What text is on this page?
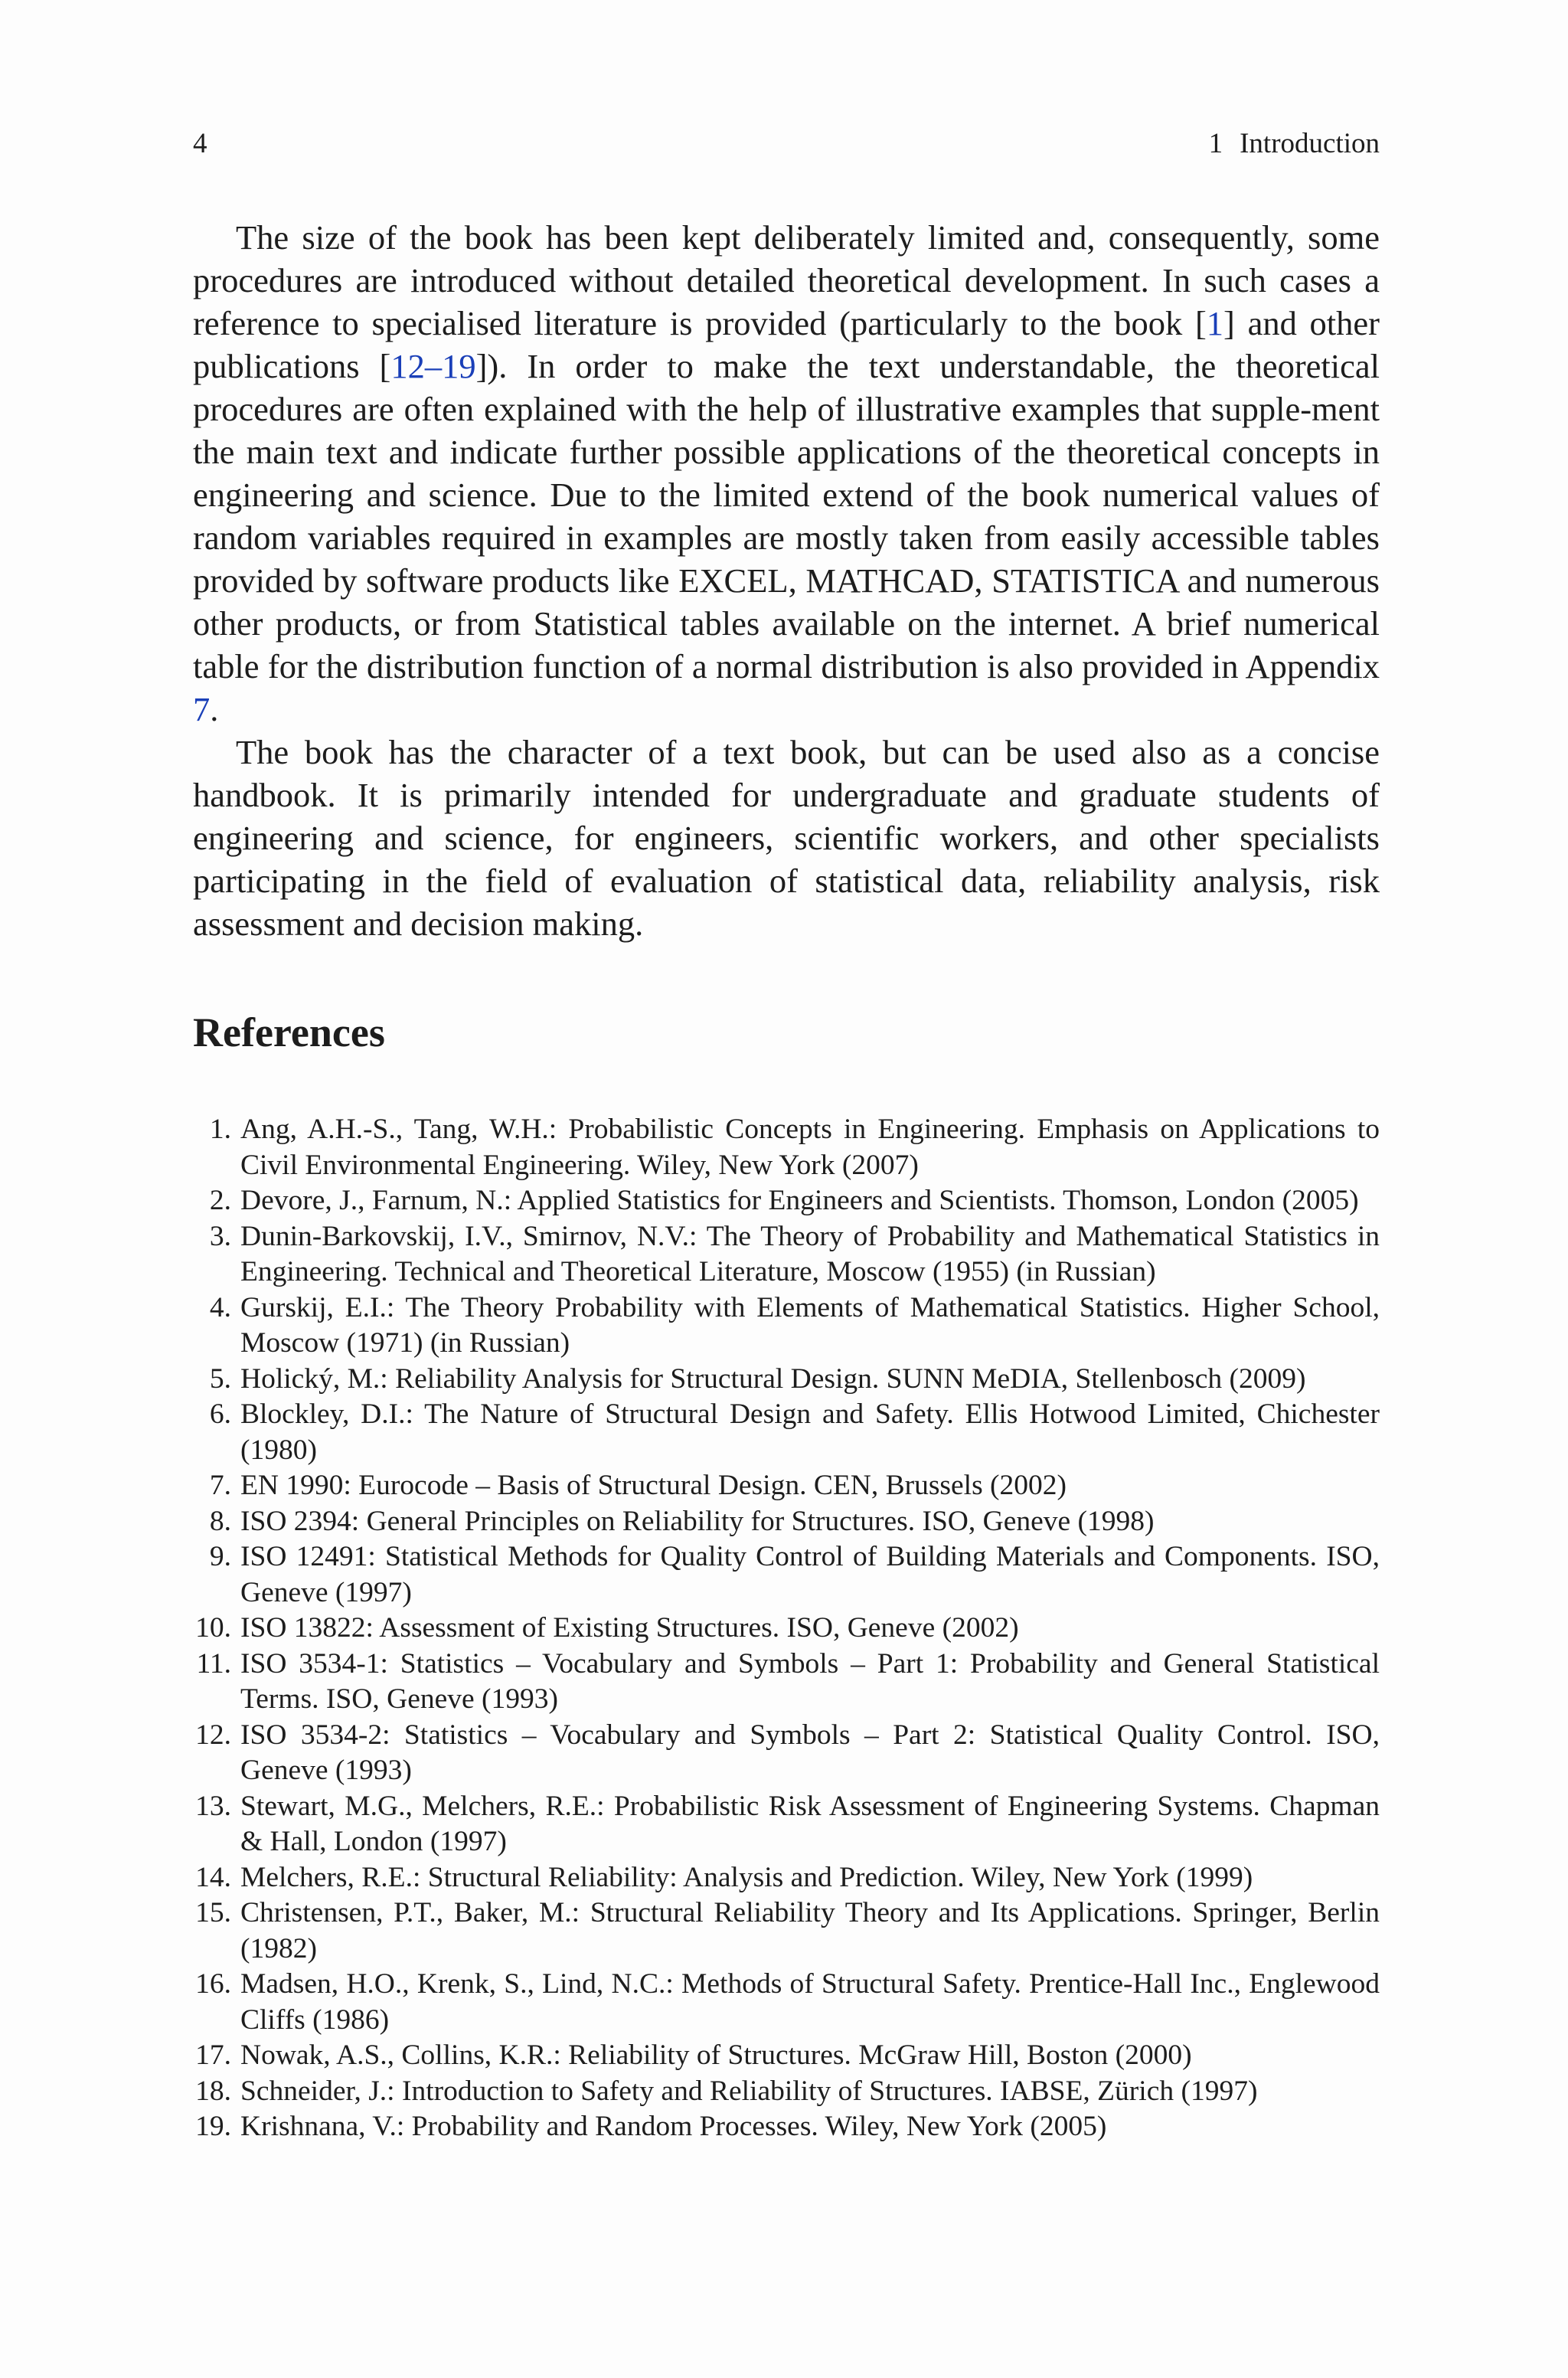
4	1 Introduction

The size of the book has been kept deliberately limited and, consequently, some procedures are introduced without detailed theoretical development. In such cases a reference to specialised literature is provided (particularly to the book [1] and other publications [12–19]). In order to make the text understandable, the theoretical procedures are often explained with the help of illustrative examples that supple-ment the main text and indicate further possible applications of the theoretical concepts in engineering and science. Due to the limited extend of the book numerical values of random variables required in examples are mostly taken from easily accessible tables provided by software products like EXCEL, MATHCAD, STATISTICA and numerous other products, or from Statistical tables available on the internet. A brief numerical table for the distribution function of a normal distribution is also provided in Appendix 7.

The book has the character of a text book, but can be used also as a concise handbook. It is primarily intended for undergraduate and graduate students of engineering and science, for engineers, scientific workers, and other specialists participating in the field of evaluation of statistical data, reliability analysis, risk assessment and decision making.

References
1. Ang, A.H.-S., Tang, W.H.: Probabilistic Concepts in Engineering. Emphasis on Applications to Civil Environmental Engineering. Wiley, New York (2007)
2. Devore, J., Farnum, N.: Applied Statistics for Engineers and Scientists. Thomson, London (2005)
3. Dunin-Barkovskij, I.V., Smirnov, N.V.: The Theory of Probability and Mathematical Statistics in Engineering. Technical and Theoretical Literature, Moscow (1955) (in Russian)
4. Gurskij, E.I.: The Theory Probability with Elements of Mathematical Statistics. Higher School, Moscow (1971) (in Russian)
5. Holický, M.: Reliability Analysis for Structural Design. SUNN MeDIA, Stellenbosch (2009)
6. Blockley, D.I.: The Nature of Structural Design and Safety. Ellis Hotwood Limited, Chichester (1980)
7. EN 1990: Eurocode – Basis of Structural Design. CEN, Brussels (2002)
8. ISO 2394: General Principles on Reliability for Structures. ISO, Geneve (1998)
9. ISO 12491: Statistical Methods for Quality Control of Building Materials and Components. ISO, Geneve (1997)
10. ISO 13822: Assessment of Existing Structures. ISO, Geneve (2002)
11. ISO 3534-1: Statistics – Vocabulary and Symbols – Part 1: Probability and General Statistical Terms. ISO, Geneve (1993)
12. ISO 3534-2: Statistics – Vocabulary and Symbols – Part 2: Statistical Quality Control. ISO, Geneve (1993)
13. Stewart, M.G., Melchers, R.E.: Probabilistic Risk Assessment of Engineering Systems. Chapman & Hall, London (1997)
14. Melchers, R.E.: Structural Reliability: Analysis and Prediction. Wiley, New York (1999)
15. Christensen, P.T., Baker, M.: Structural Reliability Theory and Its Applications. Springer, Berlin (1982)
16. Madsen, H.O., Krenk, S., Lind, N.C.: Methods of Structural Safety. Prentice-Hall Inc., Englewood Cliffs (1986)
17. Nowak, A.S., Collins, K.R.: Reliability of Structures. McGraw Hill, Boston (2000)
18. Schneider, J.: Introduction to Safety and Reliability of Structures. IABSE, Zürich (1997)
19. Krishnana, V.: Probability and Random Processes. Wiley, New York (2005)
